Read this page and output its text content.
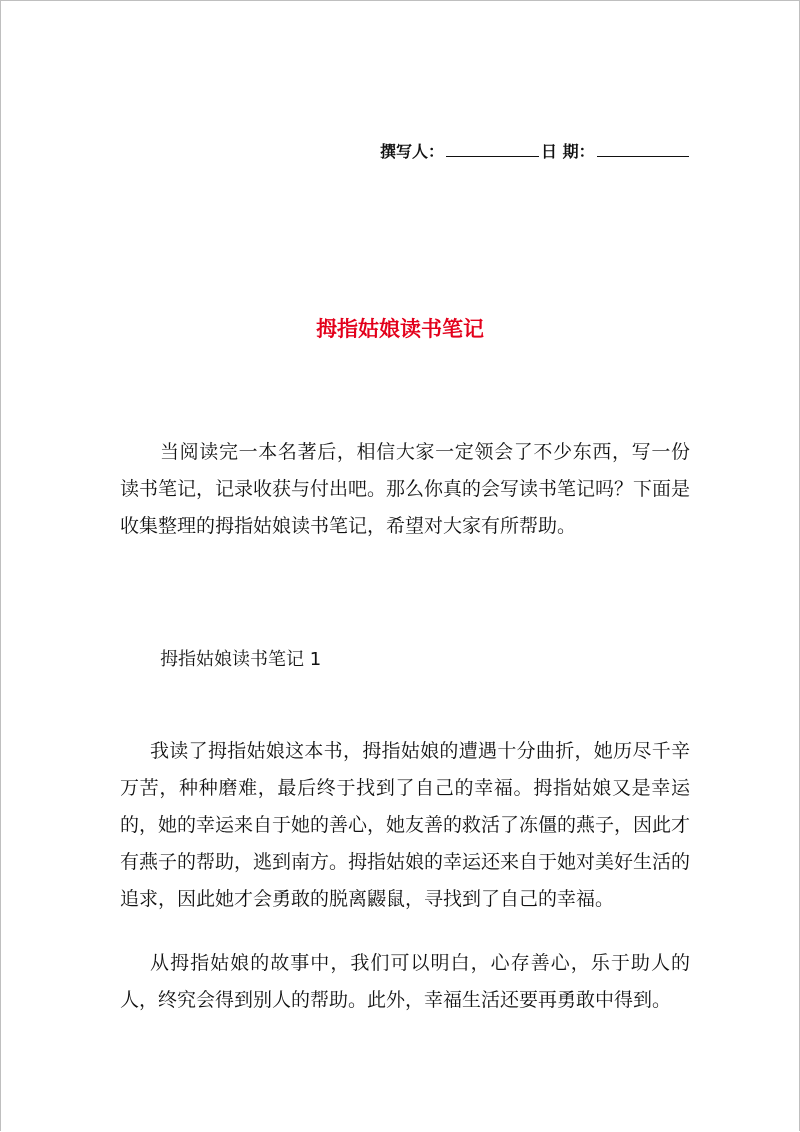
撰写人：	日 期：
拇指姑娘读书笔记

当阅读完一本名著后，相信大家一定领会了不少东西，写一份读书笔记，记录收获与付出吧。那么你真的会写读书笔记吗？下面是收集整理的拇指姑娘读书笔记，希望对大家有所帮助。

拇指姑娘读书笔记 1

我读了拇指姑娘这本书，拇指姑娘的遭遇十分曲折，她历尽千辛万苦，种种磨难，最后终于找到了自己的幸福。拇指姑娘又是幸运的，她的幸运来自于她的善心，她友善的救活了冻僵的燕子，因此才有燕子的帮助，逃到南方。拇指姑娘的幸运还来自于她对美好生活的追求，因此她才会勇敢的脱离鼹鼠，寻找到了自己的幸福。

从拇指姑娘的故事中，我们可以明白，心存善心，乐于助人的人，终究会得到别人的帮助。此外，幸福生活还要再勇敢中得到。
